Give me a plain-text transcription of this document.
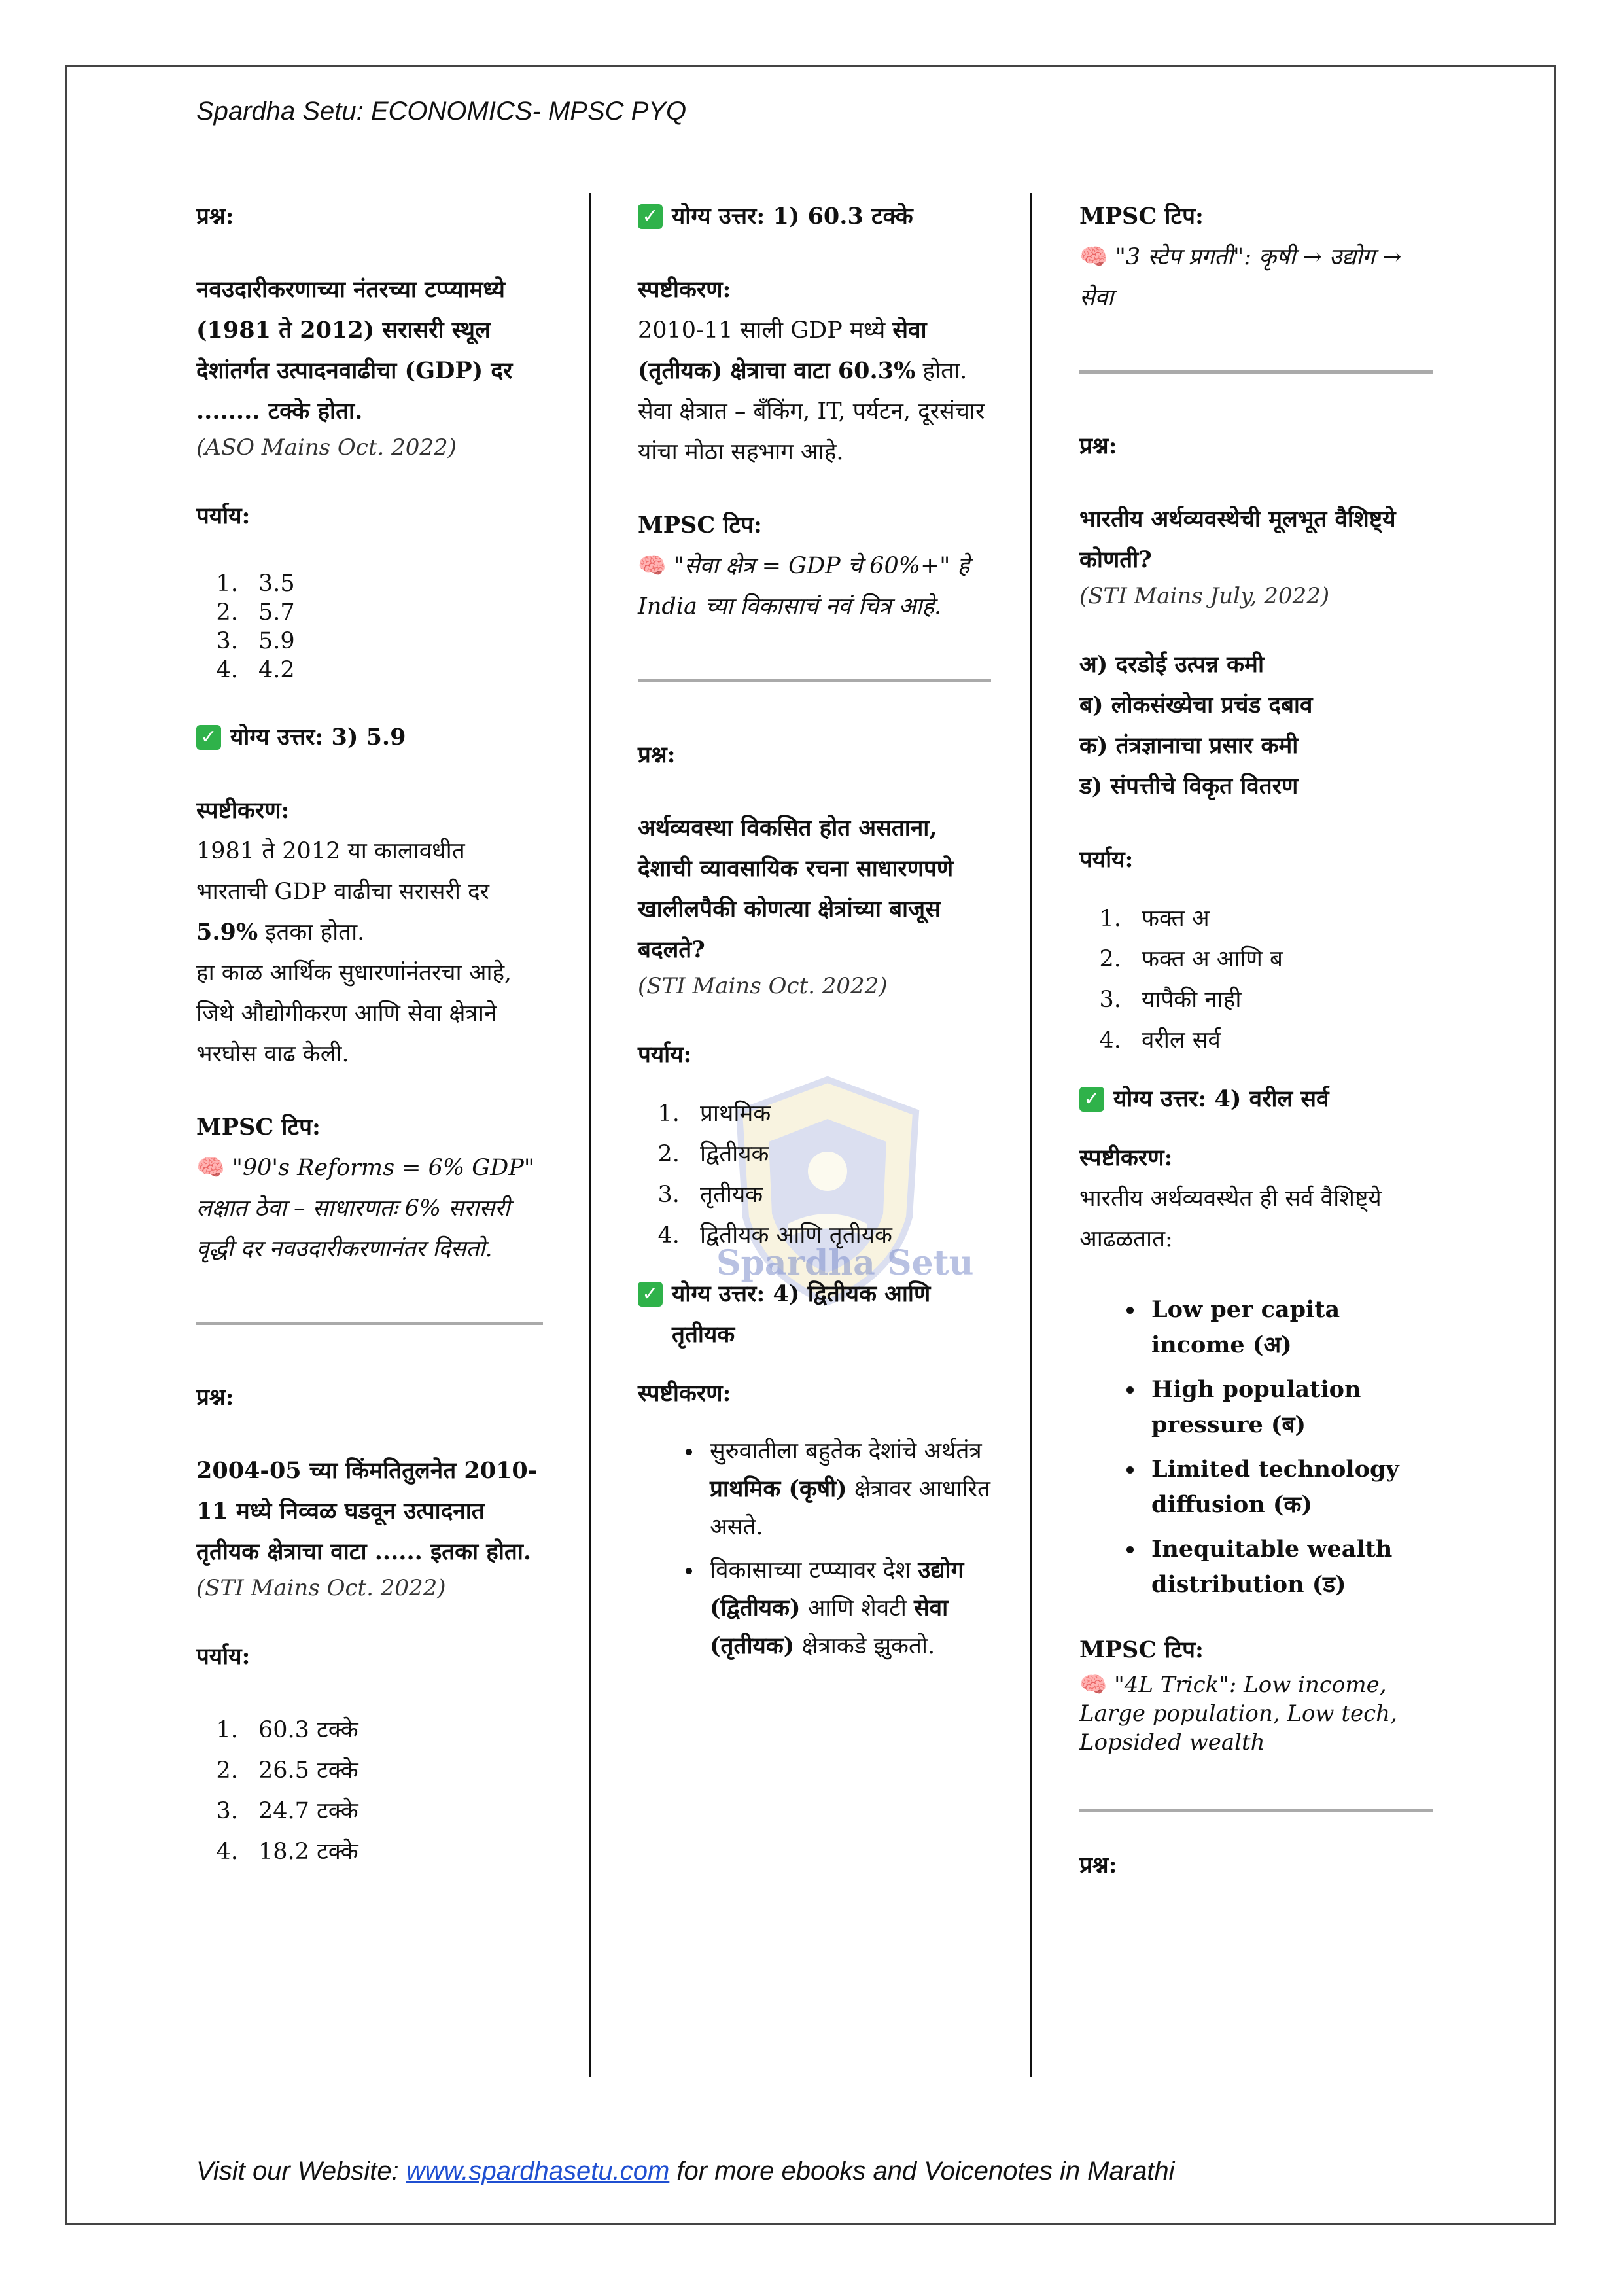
Spardha Setu: ECONOMICS- MPSC PYQ
Spardha Setu
प्रश्न:
नवउदारीकरणाच्या नंतरच्या टप्प्यामध्ये (1981 ते 2012) सरासरी स्थूल देशांतर्गत उत्पादनवाढीचा (GDP) दर ........ टक्के होता.
(ASO Mains Oct. 2022)
पर्याय:
1. 3.5
2. 5.7
3. 5.9
4. 4.2
✓ योग्य उत्तर: 3) 5.9
स्पष्टीकरण:
1981 ते 2012 या कालावधीत भारताची GDP वाढीचा सरासरी दर 5.9% इतका होता.
हा काळ आर्थिक सुधारणांनंतरचा आहे, जिथे औद्योगीकरण आणि सेवा क्षेत्राने भरघोस वाढ केली.
MPSC टिप:
🧠 "90's Reforms = 6% GDP" लक्षात ठेवा – साधारणतः 6% सरासरी वृद्धी दर नवउदारीकरणानंतर दिसतो.
प्रश्न:
2004-05 च्या किंमतितुलनेत 2010-11 मध्ये निव्वळ घडवून उत्पादनात तृतीयक क्षेत्राचा वाटा ...... इतका होता.
(STI Mains Oct. 2022)
पर्याय:
1. 60.3 टक्के
2. 26.5 टक्के
3. 24.7 टक्के
4. 18.2 टक्के
✓ योग्य उत्तर: 1) 60.3 टक्के
स्पष्टीकरण:
2010-11 साली GDP मध्ये सेवा (तृतीयक) क्षेत्राचा वाटा 60.3% होता.
सेवा क्षेत्रात – बँकिंग, IT, पर्यटन, दूरसंचार यांचा मोठा सहभाग आहे.
MPSC टिप:
🧠 "सेवा क्षेत्र = GDP चे 60%+" हे India च्या विकासाचं नवं चित्र आहे.
प्रश्न:
अर्थव्यवस्था विकसित होत असताना, देशाची व्यावसायिक रचना साधारणपणे खालीलपैकी कोणत्या क्षेत्रांच्या बाजूस बदलते?
(STI Mains Oct. 2022)
पर्याय:
1. प्राथमिक
2. द्वितीयक
3. तृतीयक
4. द्वितीयक आणि तृतीयक
✓ योग्य उत्तर: 4) द्वितीयक आणि तृतीयक
स्पष्टीकरण:
• सुरुवातीला बहुतेक देशांचे अर्थतंत्र प्राथमिक (कृषी) क्षेत्रावर आधारित असते.
• विकासाच्या टप्प्यावर देश उद्योग (द्वितीयक) आणि शेवटी सेवा (तृतीयक) क्षेत्राकडे झुकतो.
MPSC टिप:
🧠 "3 स्टेप प्रगती": कृषी → उद्योग → सेवा
प्रश्न:
भारतीय अर्थव्यवस्थेची मूलभूत वैशिष्ट्ये कोणती?
(STI Mains July, 2022)
अ) दरडोई उत्पन्न कमी
ब) लोकसंख्येचा प्रचंड दबाव
क) तंत्रज्ञानाचा प्रसार कमी
ड) संपत्तीचे विकृत वितरण
पर्याय:
1. फक्त अ
2. फक्त अ आणि ब
3. यापैकी नाही
4. वरील सर्व
✓ योग्य उत्तर: 4) वरील सर्व
स्पष्टीकरण:
भारतीय अर्थव्यवस्थेत ही सर्व वैशिष्ट्ये आढळतात:
• Low per capita income (अ)
• High population pressure (ब)
• Limited technology diffusion (क)
• Inequitable wealth distribution (ड)
MPSC टिप:
🧠 "4L Trick": Low income, Large population, Low tech, Lopsided wealth
प्रश्न:
Visit our Website: www.spardhasetu.com for more ebooks and Voicenotes in Marathi
